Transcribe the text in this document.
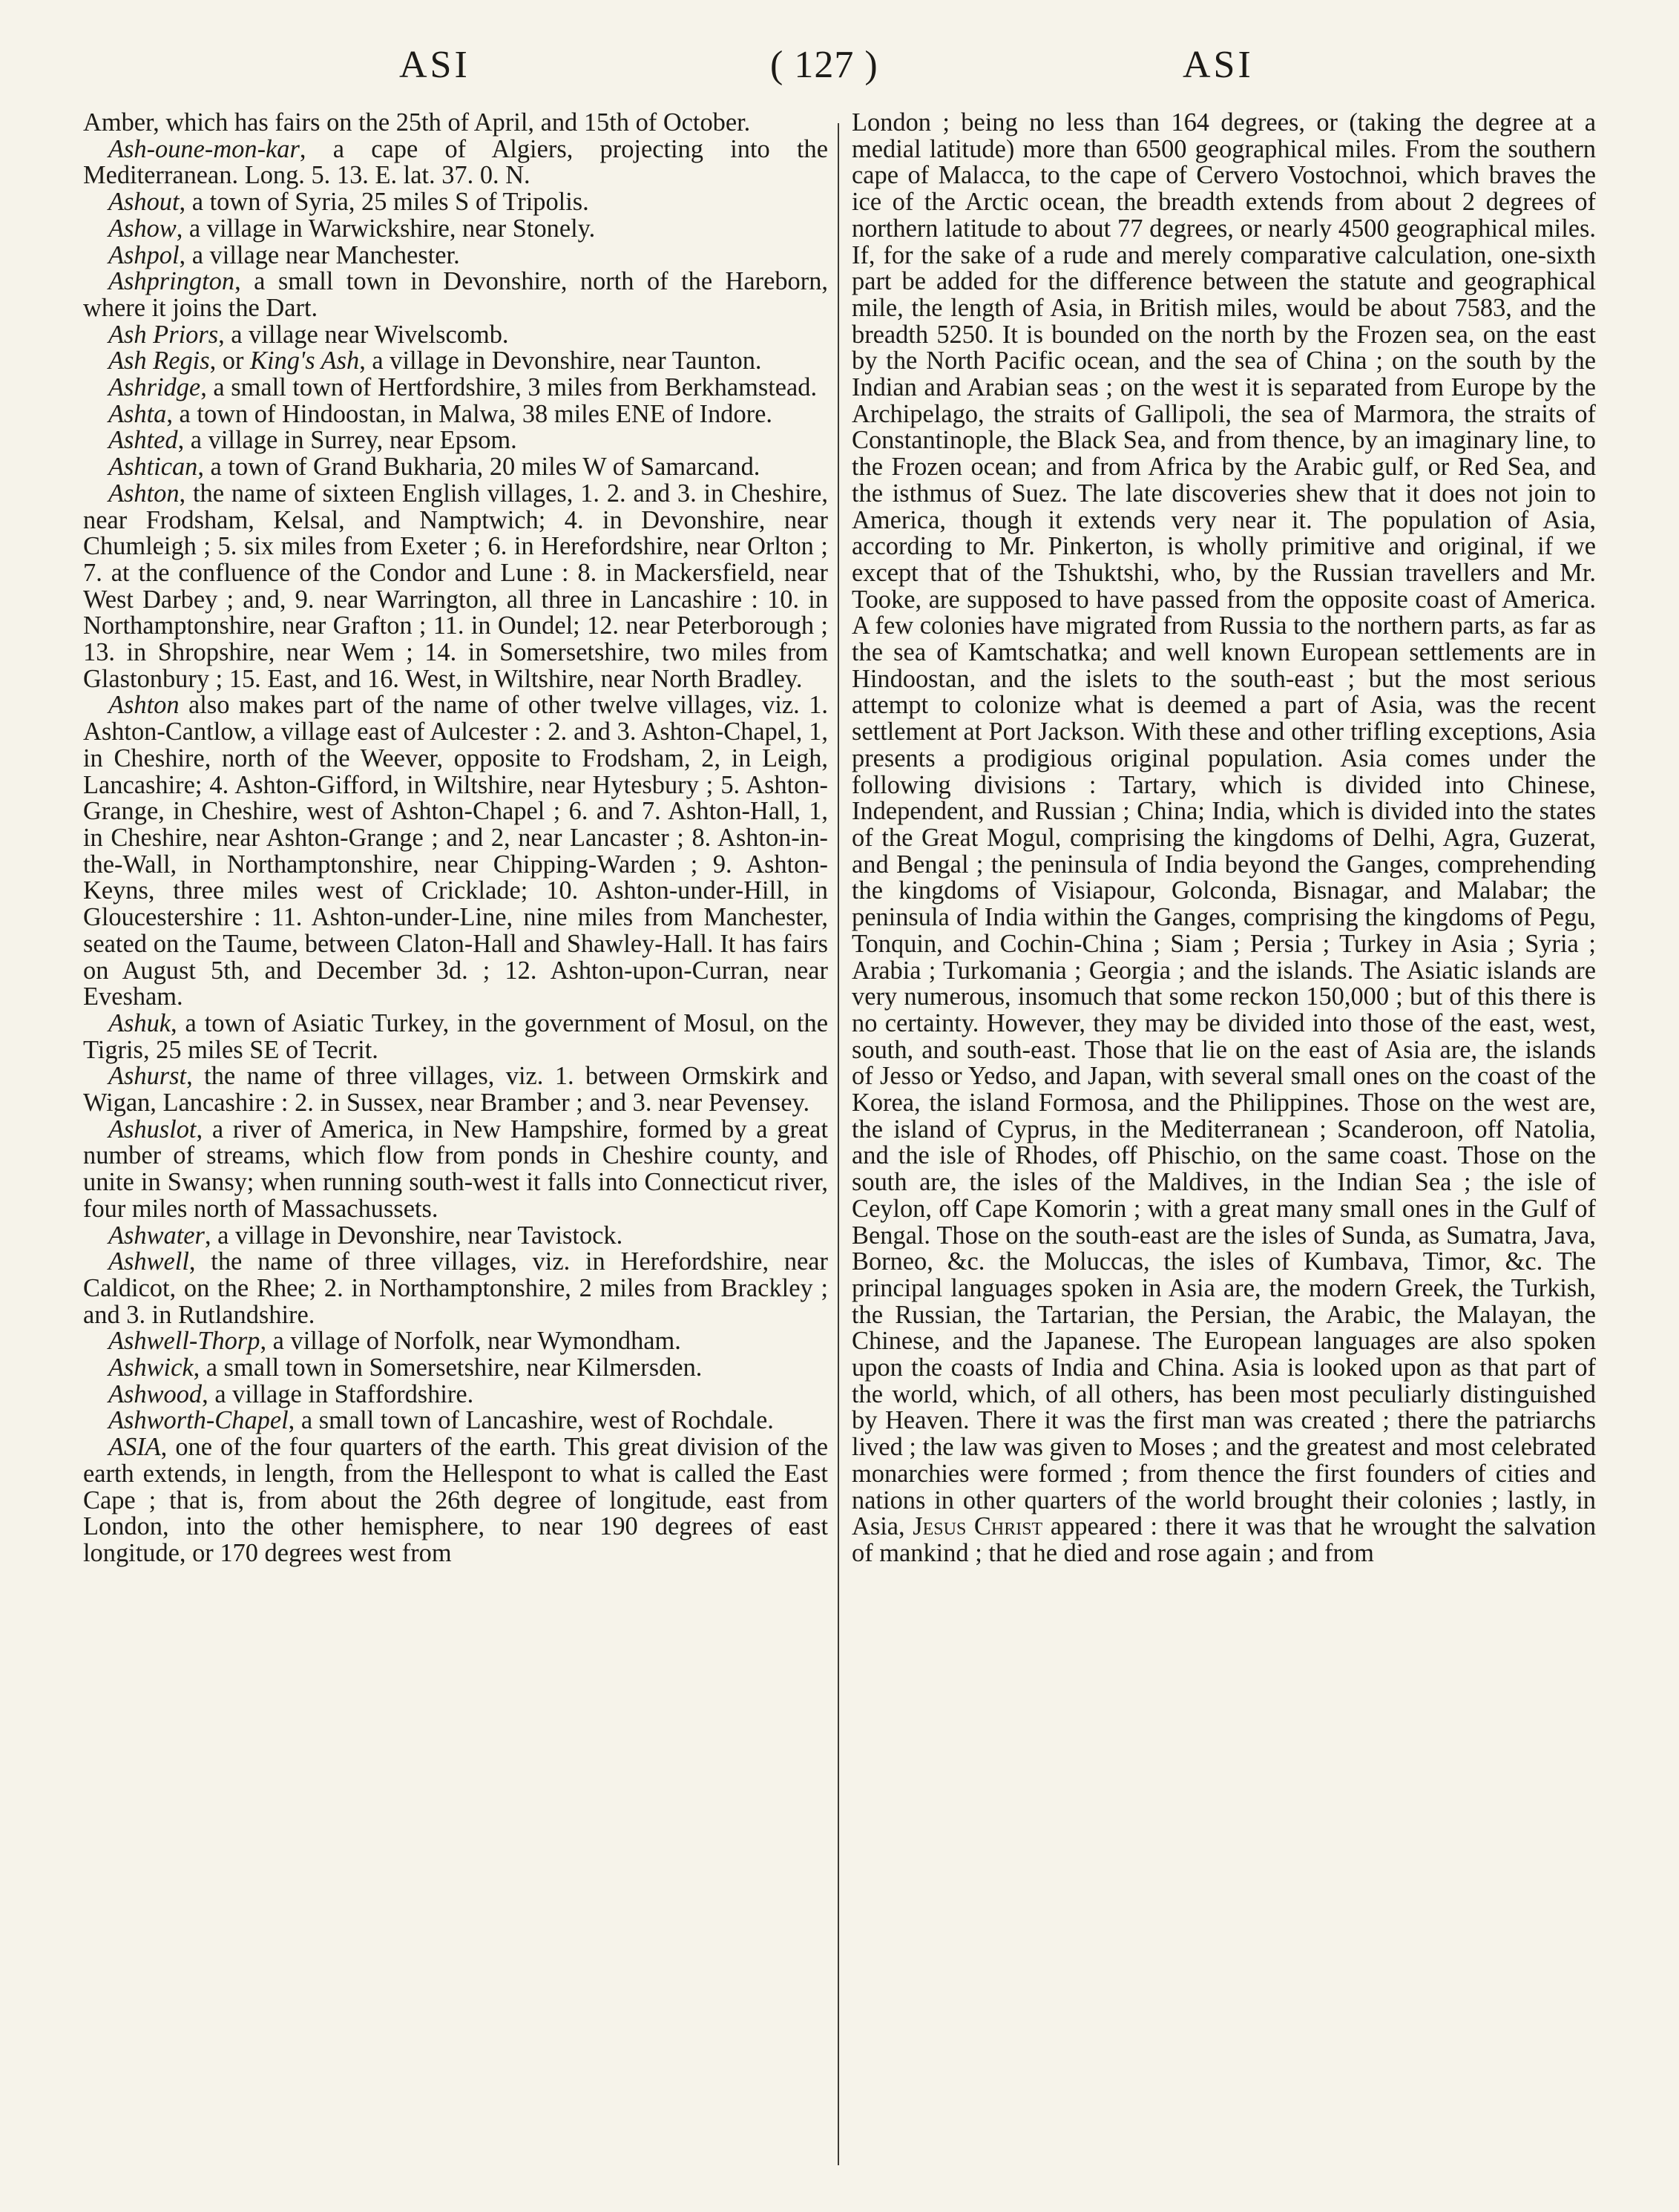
ASI	( 127 )	ASI

Amber, which has fairs on the 25th of April, and 15th of October.

Ash-oune-mon-kar, a cape of Algiers, projecting into the Mediterranean. Long. 5. 13. E. lat. 37. 0. N.

Ashout, a town of Syria, 25 miles S of Tripolis.

Ashow, a village in Warwickshire, near Stonely.

Ashpol, a village near Manchester.

Ashprington, a small town in Devonshire, north of the Hareborn, where it joins the Dart.

Ash Priors, a village near Wivelscomb.

Ash Regis, or King's Ash, a village in Devonshire, near Taunton.

Ashridge, a small town of Hertfordshire, 3 miles from Berkhamstead.

Ashta, a town of Hindoostan, in Malwa, 38 miles ENE of Indore.

Ashted, a village in Surrey, near Epsom.

Ashtican, a town of Grand Bukharia, 20 miles W of Samarcand.

Ashton, the name of sixteen English villages, 1. 2. and 3. in Cheshire, near Frodsham, Kelsal, and Namptwich; 4. in Devonshire, near Chumleigh ; 5. six miles from Exeter ; 6. in Herefordshire, near Orlton ; 7. at the confluence of the Condor and Lune : 8. in Mackersfield, near West Darbey ; and, 9. near Warrington, all three in Lancashire : 10. in Northamptonshire, near Grafton ; 11. in Oundel; 12. near Peterborough ; 13. in Shropshire, near Wem ; 14. in Somersetshire, two miles from Glastonbury ; 15. East, and 16. West, in Wiltshire, near North Bradley.

Ashton also makes part of the name of other twelve villages, viz. 1. Ashton-Cantlow, a village east of Aulcester : 2. and 3. Ashton-Chapel, 1, in Cheshire, north of the Weever, opposite to Frodsham, 2, in Leigh, Lancashire; 4. Ashton-Gifford, in Wiltshire, near Hytesbury ; 5. Ashton-Grange, in Cheshire, west of Ashton-Chapel ; 6. and 7. Ashton-Hall, 1, in Cheshire, near Ashton-Grange ; and 2, near Lancaster ; 8. Ashton-in-the-Wall, in Northamptonshire, near Chipping-Warden ; 9. Ashton-Keyns, three miles west of Cricklade; 10. Ashton-under-Hill, in Gloucestershire : 11. Ashton-under-Line, nine miles from Manchester, seated on the Taume, between Claton-Hall and Shawley-Hall. It has fairs on August 5th, and December 3d. ; 12. Ashton-upon-Curran, near Evesham.

Ashuk, a town of Asiatic Turkey, in the government of Mosul, on the Tigris, 25 miles SE of Tecrit.

Ashurst, the name of three villages, viz. 1. between Ormskirk and Wigan, Lancashire : 2. in Sussex, near Bramber ; and 3. near Pevensey.

Ashuslot, a river of America, in New Hampshire, formed by a great number of streams, which flow from ponds in Cheshire county, and unite in Swansy; when running south-west it falls into Connecticut river, four miles north of Massachussets.

Ashwater, a village in Devonshire, near Tavistock.

Ashwell, the name of three villages, viz. in Herefordshire, near Caldicot, on the Rhee; 2. in Northamptonshire, 2 miles from Brackley ; and 3. in Rutlandshire.

Ashwell-Thorp, a village of Norfolk, near Wymondham.

Ashwick, a small town in Somersetshire, near Kilmersden.

Ashwood, a village in Staffordshire.

Ashworth-Chapel, a small town of Lancashire, west of Rochdale.

ASIA, one of the four quarters of the earth. This great division of the earth extends, in length, from the Hellespont to what is called the East Cape ; that is, from about the 26th degree of longitude, east from London, into the other hemisphere, to near 190 degrees of east longitude, or 170 degrees west from

London ; being no less than 164 degrees, or (taking the degree at a medial latitude) more than 6500 geographical miles. From the southern cape of Malacca, to the cape of Cervero Vostochnoi, which braves the ice of the Arctic ocean, the breadth extends from about 2 degrees of northern latitude to about 77 degrees, or nearly 4500 geographical miles. If, for the sake of a rude and merely comparative calculation, one-sixth part be added for the difference between the statute and geographical mile, the length of Asia, in British miles, would be about 7583, and the breadth 5250. It is bounded on the north by the Frozen sea, on the east by the North Pacific ocean, and the sea of China ; on the south by the Indian and Arabian seas ; on the west it is separated from Europe by the Archipelago, the straits of Gallipoli, the sea of Marmora, the straits of Constantinople, the Black Sea, and from thence, by an imaginary line, to the Frozen ocean; and from Africa by the Arabic gulf, or Red Sea, and the isthmus of Suez. The late discoveries shew that it does not join to America, though it extends very near it. The population of Asia, according to Mr. Pinkerton, is wholly primitive and original, if we except that of the Tshuktshi, who, by the Russian travellers and Mr. Tooke, are supposed to have passed from the opposite coast of America. A few colonies have migrated from Russia to the northern parts, as far as the sea of Kamtschatka; and well known European settlements are in Hindoostan, and the islets to the south-east ; but the most serious attempt to colonize what is deemed a part of Asia, was the recent settlement at Port Jackson. With these and other trifling exceptions, Asia presents a prodigious original population. Asia comes under the following divisions : Tartary, which is divided into Chinese, Independent, and Russian ; China; India, which is divided into the states of the Great Mogul, comprising the kingdoms of Delhi, Agra, Guzerat, and Bengal ; the peninsula of India beyond the Ganges, comprehending the kingdoms of Visiapour, Golconda, Bisnagar, and Malabar; the peninsula of India within the Ganges, comprising the kingdoms of Pegu, Tonquin, and Cochin-China ; Siam ; Persia ; Turkey in Asia ; Syria ; Arabia ; Turkomania ; Georgia ; and the islands. The Asiatic islands are very numerous, insomuch that some reckon 150,000 ; but of this there is no certainty. However, they may be divided into those of the east, west, south, and south-east. Those that lie on the east of Asia are, the islands of Jesso or Yedso, and Japan, with several small ones on the coast of the Korea, the island Formosa, and the Philippines. Those on the west are, the island of Cyprus, in the Mediterranean ; Scanderoon, off Natolia, and the isle of Rhodes, off Phischio, on the same coast. Those on the south are, the isles of the Maldives, in the Indian Sea ; the isle of Ceylon, off Cape Komorin ; with a great many small ones in the Gulf of Bengal. Those on the south-east are the isles of Sunda, as Sumatra, Java, Borneo, &c. the Moluccas, the isles of Kumbava, Timor, &c. The principal languages spoken in Asia are, the modern Greek, the Turkish, the Russian, the Tartarian, the Persian, the Arabic, the Malayan, the Chinese, and the Japanese. The European languages are also spoken upon the coasts of India and China. Asia is looked upon as that part of the world, which, of all others, has been most peculiarly distinguished by Heaven. There it was the first man was created ; there the patriarchs lived ; the law was given to Moses ; and the greatest and most celebrated monarchies were formed ; from thence the first founders of cities and nations in other quarters of the world brought their colonies ; lastly, in Asia, Jesus Christ appeared : there it was that he wrought the salvation of mankind ; that he died and rose again ; and from
